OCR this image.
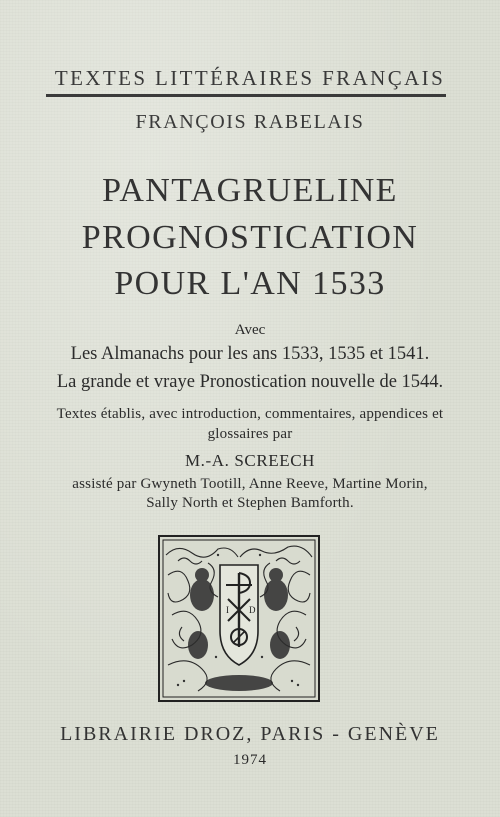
TEXTES LITTÉRAIRES FRANÇAIS
FRANÇOIS RABELAIS
PANTAGRUELINE
PROGNOSTICATION
POUR L'AN 1533
Avec
Les Almanachs pour les ans 1533, 1535 et 1541.
La grande et vraye Pronostication nouvelle de 1544.
Textes établis, avec introduction, commentaires, appendices et
glossaires par
M.-A. SCREECH
assisté par Gwyneth Tootill, Anne Reeve, Martine Morin,
Sally North et Stephen Bamforth.
I D
LIBRAIRIE DROZ, PARIS - GENÈVE
1974
